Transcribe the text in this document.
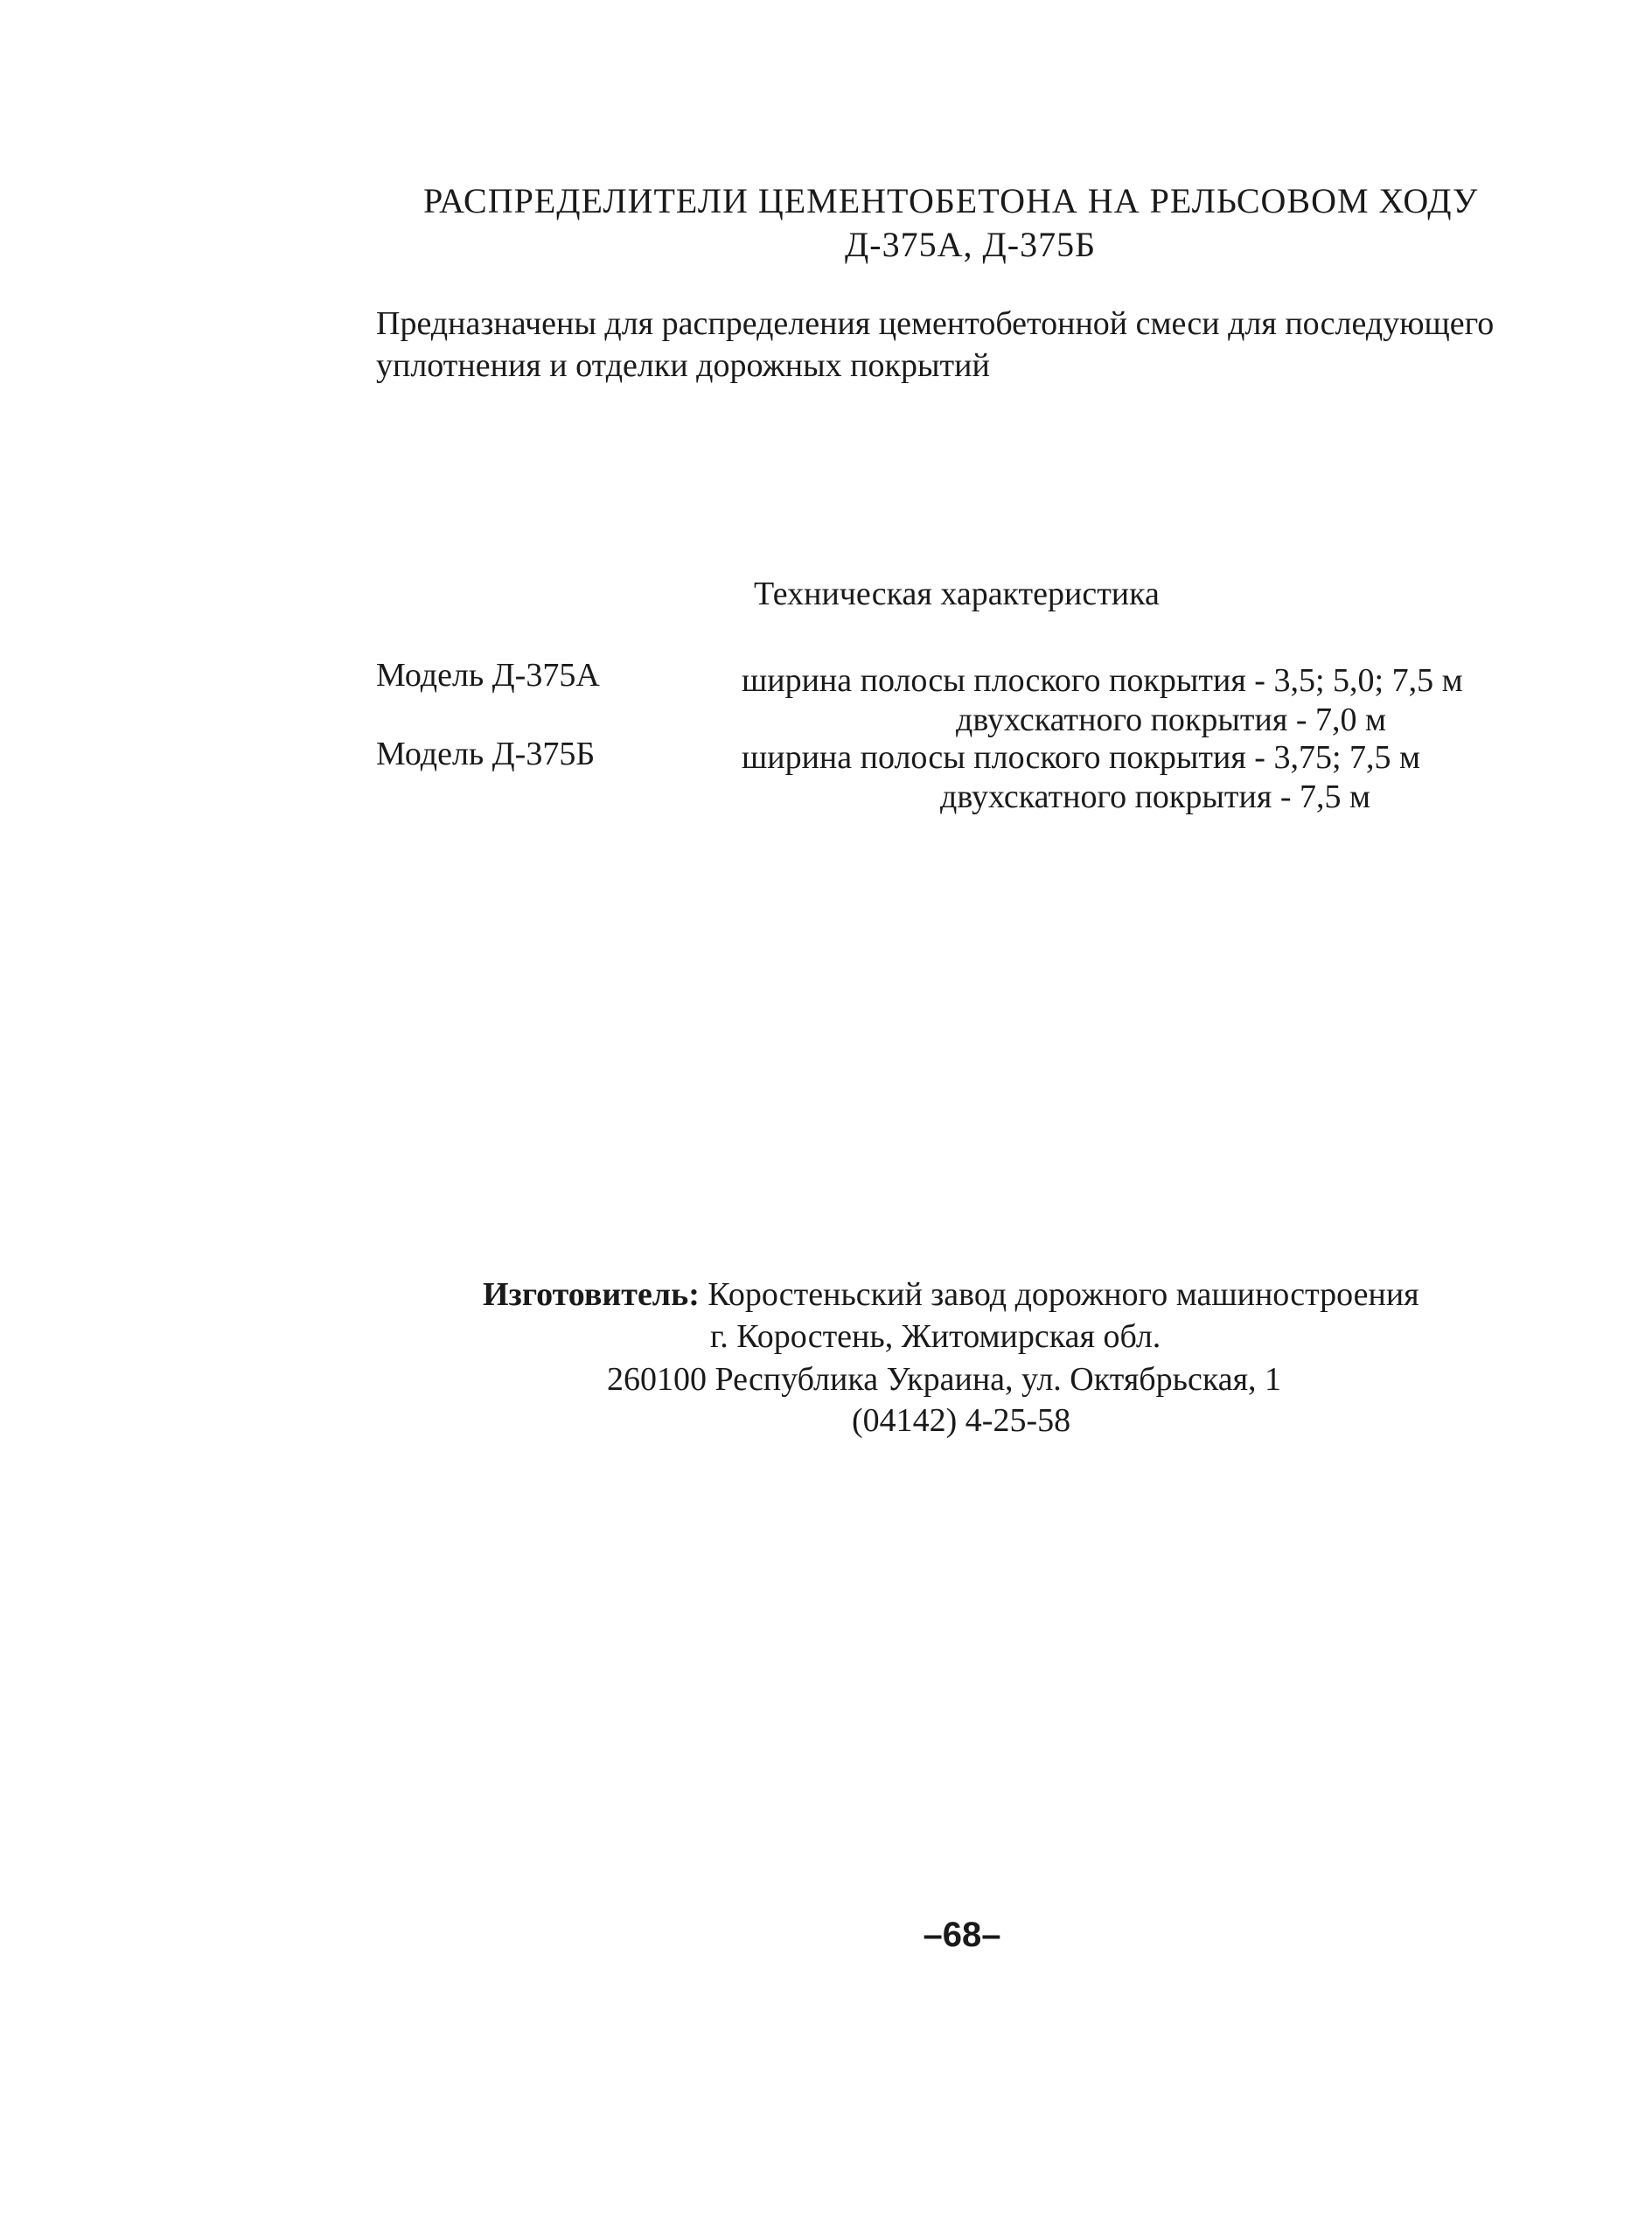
РАСПРЕДЕЛИТЕЛИ ЦЕМЕНТОБЕТОНА НА РЕЛЬСОВОМ ХОДУ
Д-375А, Д-375Б
Предназначены для распределения цементобетонной смеси для последующего
уплотнения и отделки дорожных покрытий
Техническая характеристика
Модель Д-375А	ширина полосы плоского покрытия - 3,5; 5,0; 7,5 м
двухскатного покрытия - 7,0 м
Модель Д-375Б	ширина полосы плоского покрытия - 3,75; 7,5 м
двухскатного покрытия - 7,5 м
Изготовитель: Коростеньский завод дорожного машиностроения
г. Коростень, Житомирская обл.
260100 Республика Украина, ул. Октябрьская, 1
(04142) 4-25-58
–68–
